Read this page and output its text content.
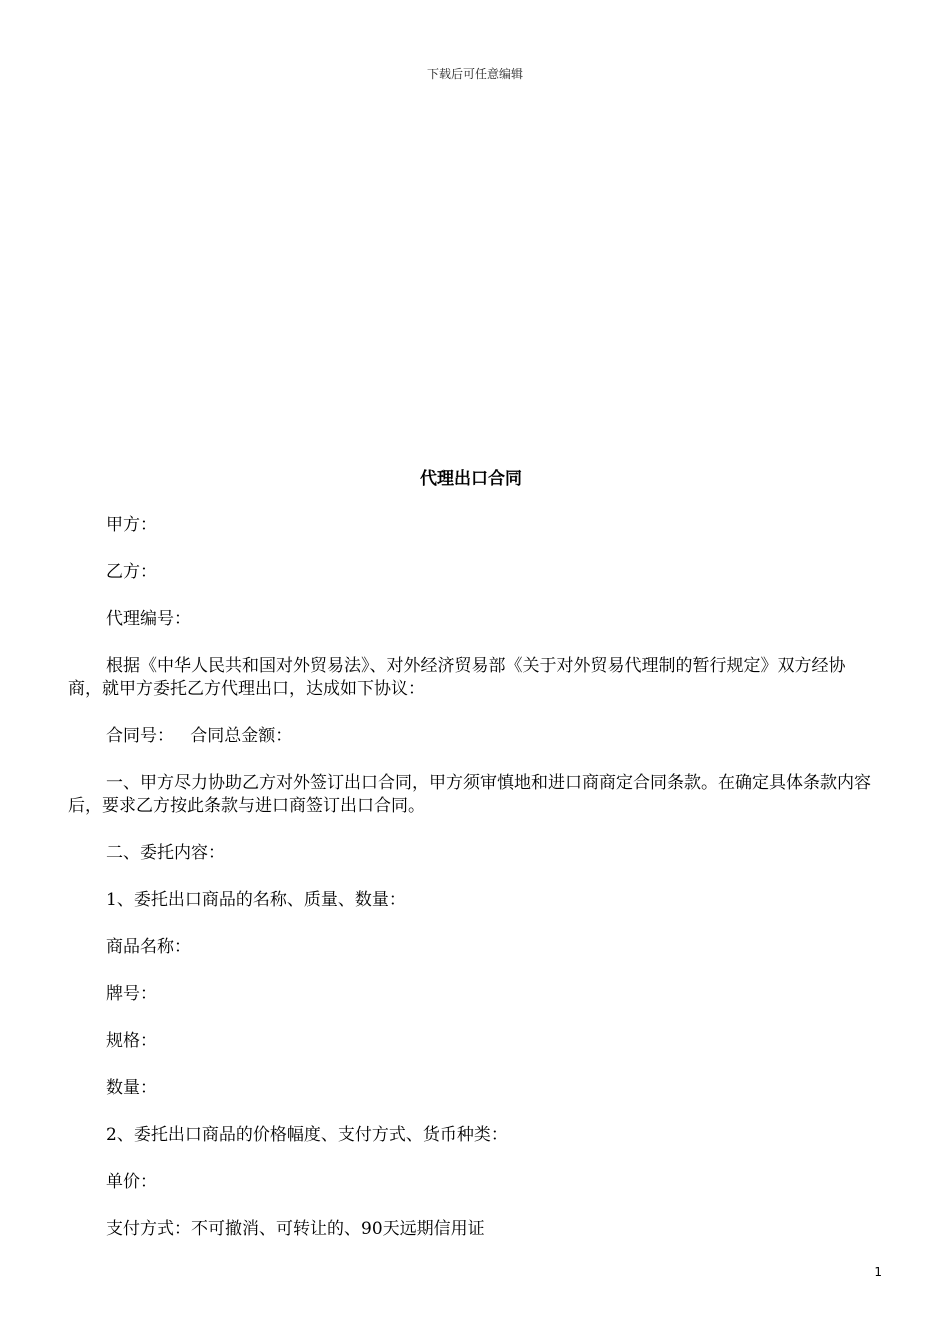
下载后可任意编辑
代理出口合同

甲方：

乙方：

代理编号：

根据《中华人民共和国对外贸易法》、对外经济贸易部《关于对外贸易代理制的暂行规定》双方经协商，就甲方委托乙方代理出口，达成如下协议：

合同号：   合同总金额：

一、甲方尽力协助乙方对外签订出口合同，甲方须审慎地和进口商商定合同条款。在确定具体条款内容后，要求乙方按此条款与进口商签订出口合同。

二、委托内容：

1、委托出口商品的名称、质量、数量：

商品名称：

牌号：

规格：

数量：

2、委托出口商品的价格幅度、支付方式、货币种类：

单价：

支付方式：不可撤消、可转让的、90天远期信用证

1
